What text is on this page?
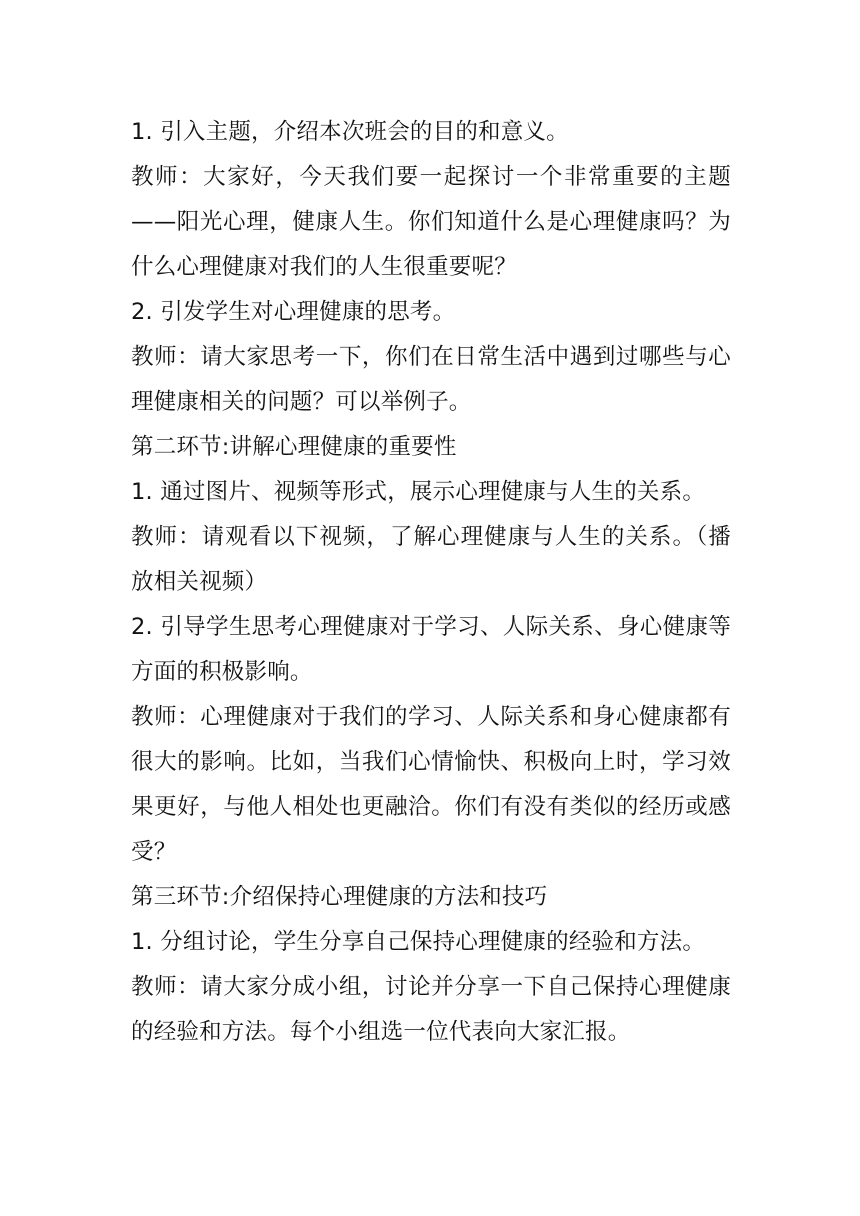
1. 引入主题，介绍本次班会的目的和意义。

教师：大家好，今天我们要一起探讨一个非常重要的主题——阳光心理，健康人生。你们知道什么是心理健康吗？为什么心理健康对我们的人生很重要呢？

2. 引发学生对心理健康的思考。

教师：请大家思考一下，你们在日常生活中遇到过哪些与心理健康相关的问题？可以举例子。

第二环节:讲解心理健康的重要性

1. 通过图片、视频等形式，展示心理健康与人生的关系。

教师：请观看以下视频，了解心理健康与人生的关系。（播放相关视频）

2. 引导学生思考心理健康对于学习、人际关系、身心健康等方面的积极影响。

教师：心理健康对于我们的学习、人际关系和身心健康都有很大的影响。比如，当我们心情愉快、积极向上时，学习效果更好，与他人相处也更融洽。你们有没有类似的经历或感受？

第三环节:介绍保持心理健康的方法和技巧

1. 分组讨论，学生分享自己保持心理健康的经验和方法。

教师：请大家分成小组，讨论并分享一下自己保持心理健康的经验和方法。每个小组选一位代表向大家汇报。
